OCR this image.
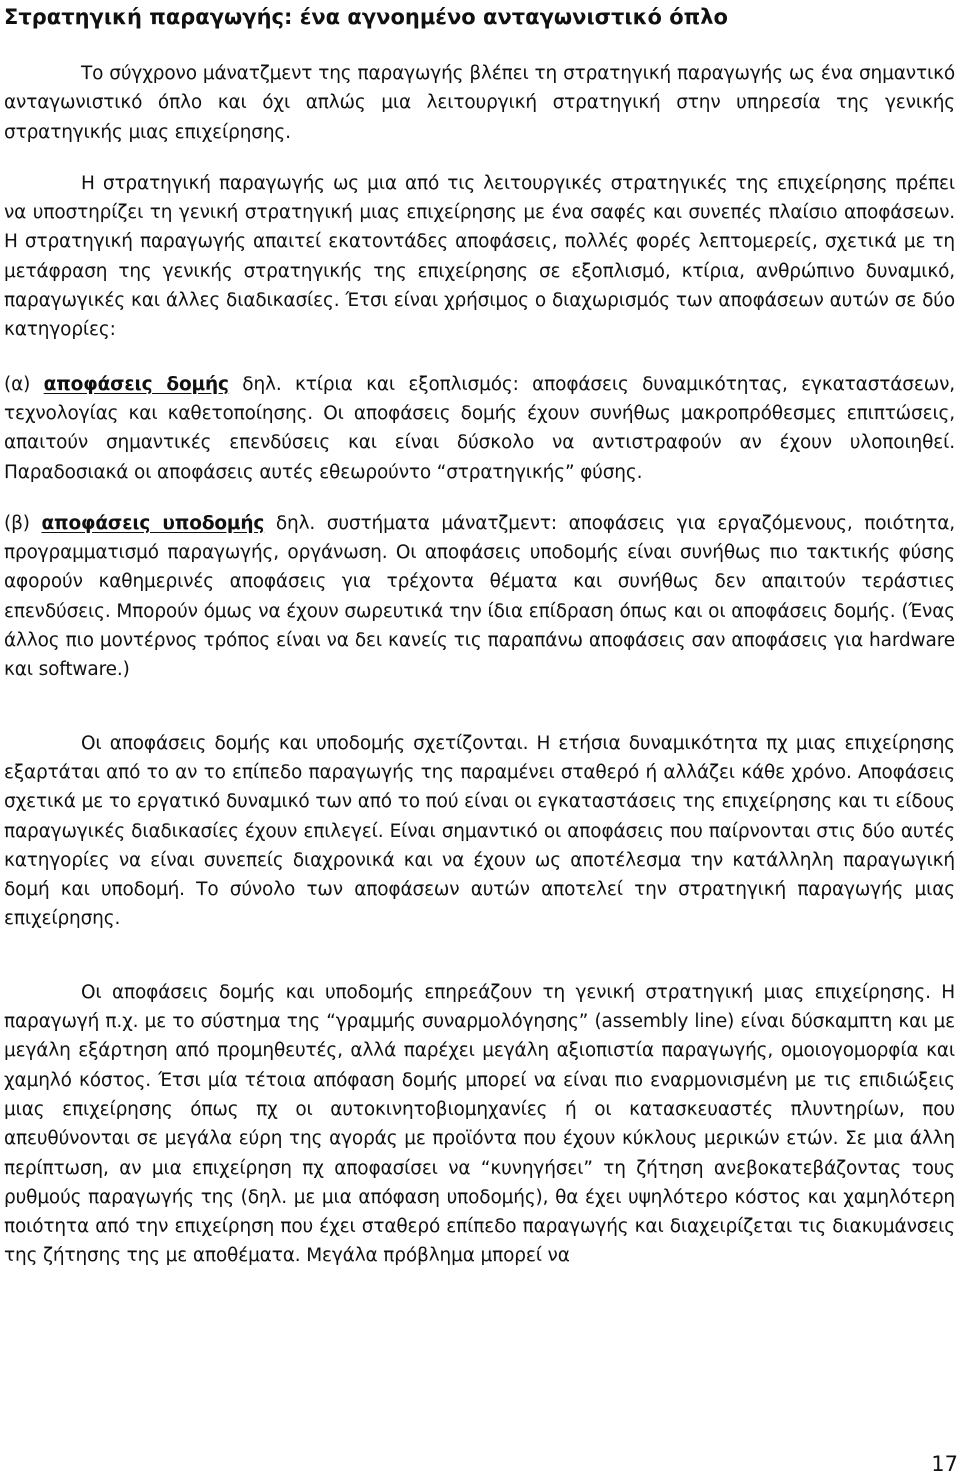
Στρατηγική παραγωγής: ένα αγνοημένο ανταγωνιστικό όπλο

Το σύγχρονο μάνατζμεντ της παραγωγής βλέπει τη στρατηγική παραγωγής ως ένα σημαντικό ανταγωνιστικό όπλο και όχι απλώς μια λειτουργική στρατηγική στην υπηρεσία της γενικής στρατηγικής μιας επιχείρησης.

Η στρατηγική παραγωγής ως μια από τις λειτουργικές στρατηγικές της επιχείρησης πρέπει να υποστηρίζει τη γενική στρατηγική μιας επιχείρησης με ένα σαφές και συνεπές πλαίσιο αποφάσεων. Η στρατηγική παραγωγής απαιτεί εκατοντάδες αποφάσεις, πολλές φορές λεπτομερείς, σχετικά με τη μετάφραση της γενικής στρατηγικής της επιχείρησης σε εξοπλισμό, κτίρια, ανθρώπινο δυναμικό, παραγωγικές και άλλες διαδικασίες. Έτσι είναι χρήσιμος ο διαχωρισμός των αποφάσεων αυτών σε δύο κατηγορίες:

(α) αποφάσεις δομής δηλ. κτίρια και εξοπλισμός: αποφάσεις δυναμικότητας, εγκαταστάσεων, τεχνολογίας και καθετοποίησης. Οι αποφάσεις δομής έχουν συνήθως μακροπρόθεσμες επιπτώσεις, απαιτούν σημαντικές επενδύσεις και είναι δύσκολο να αντιστραφούν αν έχουν υλοποιηθεί. Παραδοσιακά οι αποφάσεις αυτές εθεωρούντο “στρατηγικής” φύσης.

(β) αποφάσεις υποδομής δηλ. συστήματα μάνατζμεντ: αποφάσεις για εργαζόμενους, ποιότητα, προγραμματισμό παραγωγής, οργάνωση. Οι αποφάσεις υποδομής είναι συνήθως πιο τακτικής φύσης αφορούν καθημερινές αποφάσεις για τρέχοντα θέματα και συνήθως δεν απαιτούν τεράστιες επενδύσεις. Μπορούν όμως να έχουν σωρευτικά την ίδια επίδραση όπως και οι αποφάσεις δομής. (Ένας άλλος πιο μοντέρνος τρόπος είναι να δει κανείς τις παραπάνω αποφάσεις σαν αποφάσεις για hardware και software.)

Οι αποφάσεις δομής και υποδομής σχετίζονται. Η ετήσια δυναμικότητα πχ μιας επιχείρησης εξαρτάται από το αν το επίπεδο παραγωγής της παραμένει σταθερό ή αλλάζει κάθε χρόνο. Αποφάσεις σχετικά με το εργατικό δυναμικό των από το πού είναι οι εγκαταστάσεις της επιχείρησης και τι είδους παραγωγικές διαδικασίες έχουν επιλεγεί. Είναι σημαντικό οι αποφάσεις που παίρνονται στις δύο αυτές κατηγορίες να είναι συνεπείς διαχρονικά και να έχουν ως αποτέλεσμα την κατάλληλη παραγωγική δομή και υποδομή. Το σύνολο των αποφάσεων αυτών αποτελεί την στρατηγική παραγωγής μιας επιχείρησης.

Οι αποφάσεις δομής και υποδομής επηρεάζουν τη γενική στρατηγική μιας επιχείρησης. Η παραγωγή π.χ. με το σύστημα της “γραμμής συναρμολόγησης” (assembly line) είναι δύσκαμπτη και με μεγάλη εξάρτηση από προμηθευτές, αλλά παρέχει μεγάλη αξιοπιστία παραγωγής, ομοιογομορφία και χαμηλό κόστος. Έτσι μία τέτοια απόφαση δομής μπορεί να είναι πιο εναρμονισμένη με τις επιδιώξεις μιας επιχείρησης όπως πχ οι αυτοκινητοβιομηχανίες ή οι κατασκευαστές πλυντηρίων, που απευθύνονται σε μεγάλα εύρη της αγοράς με προϊόντα που έχουν κύκλους μερικών ετών. Σε μια άλλη περίπτωση, αν μια επιχείρηση πχ αποφασίσει να “κυνηγήσει” τη ζήτηση ανεβοκατεβάζοντας τους ρυθμούς παραγωγής της (δηλ. με μια απόφαση υποδομής), θα έχει υψηλότερο κόστος και χαμηλότερη ποιότητα από την επιχείρηση που έχει σταθερό επίπεδο παραγωγής και διαχειρίζεται τις διακυμάνσεις της ζήτησης της με αποθέματα. Μεγάλα πρόβλημα μπορεί να

17
